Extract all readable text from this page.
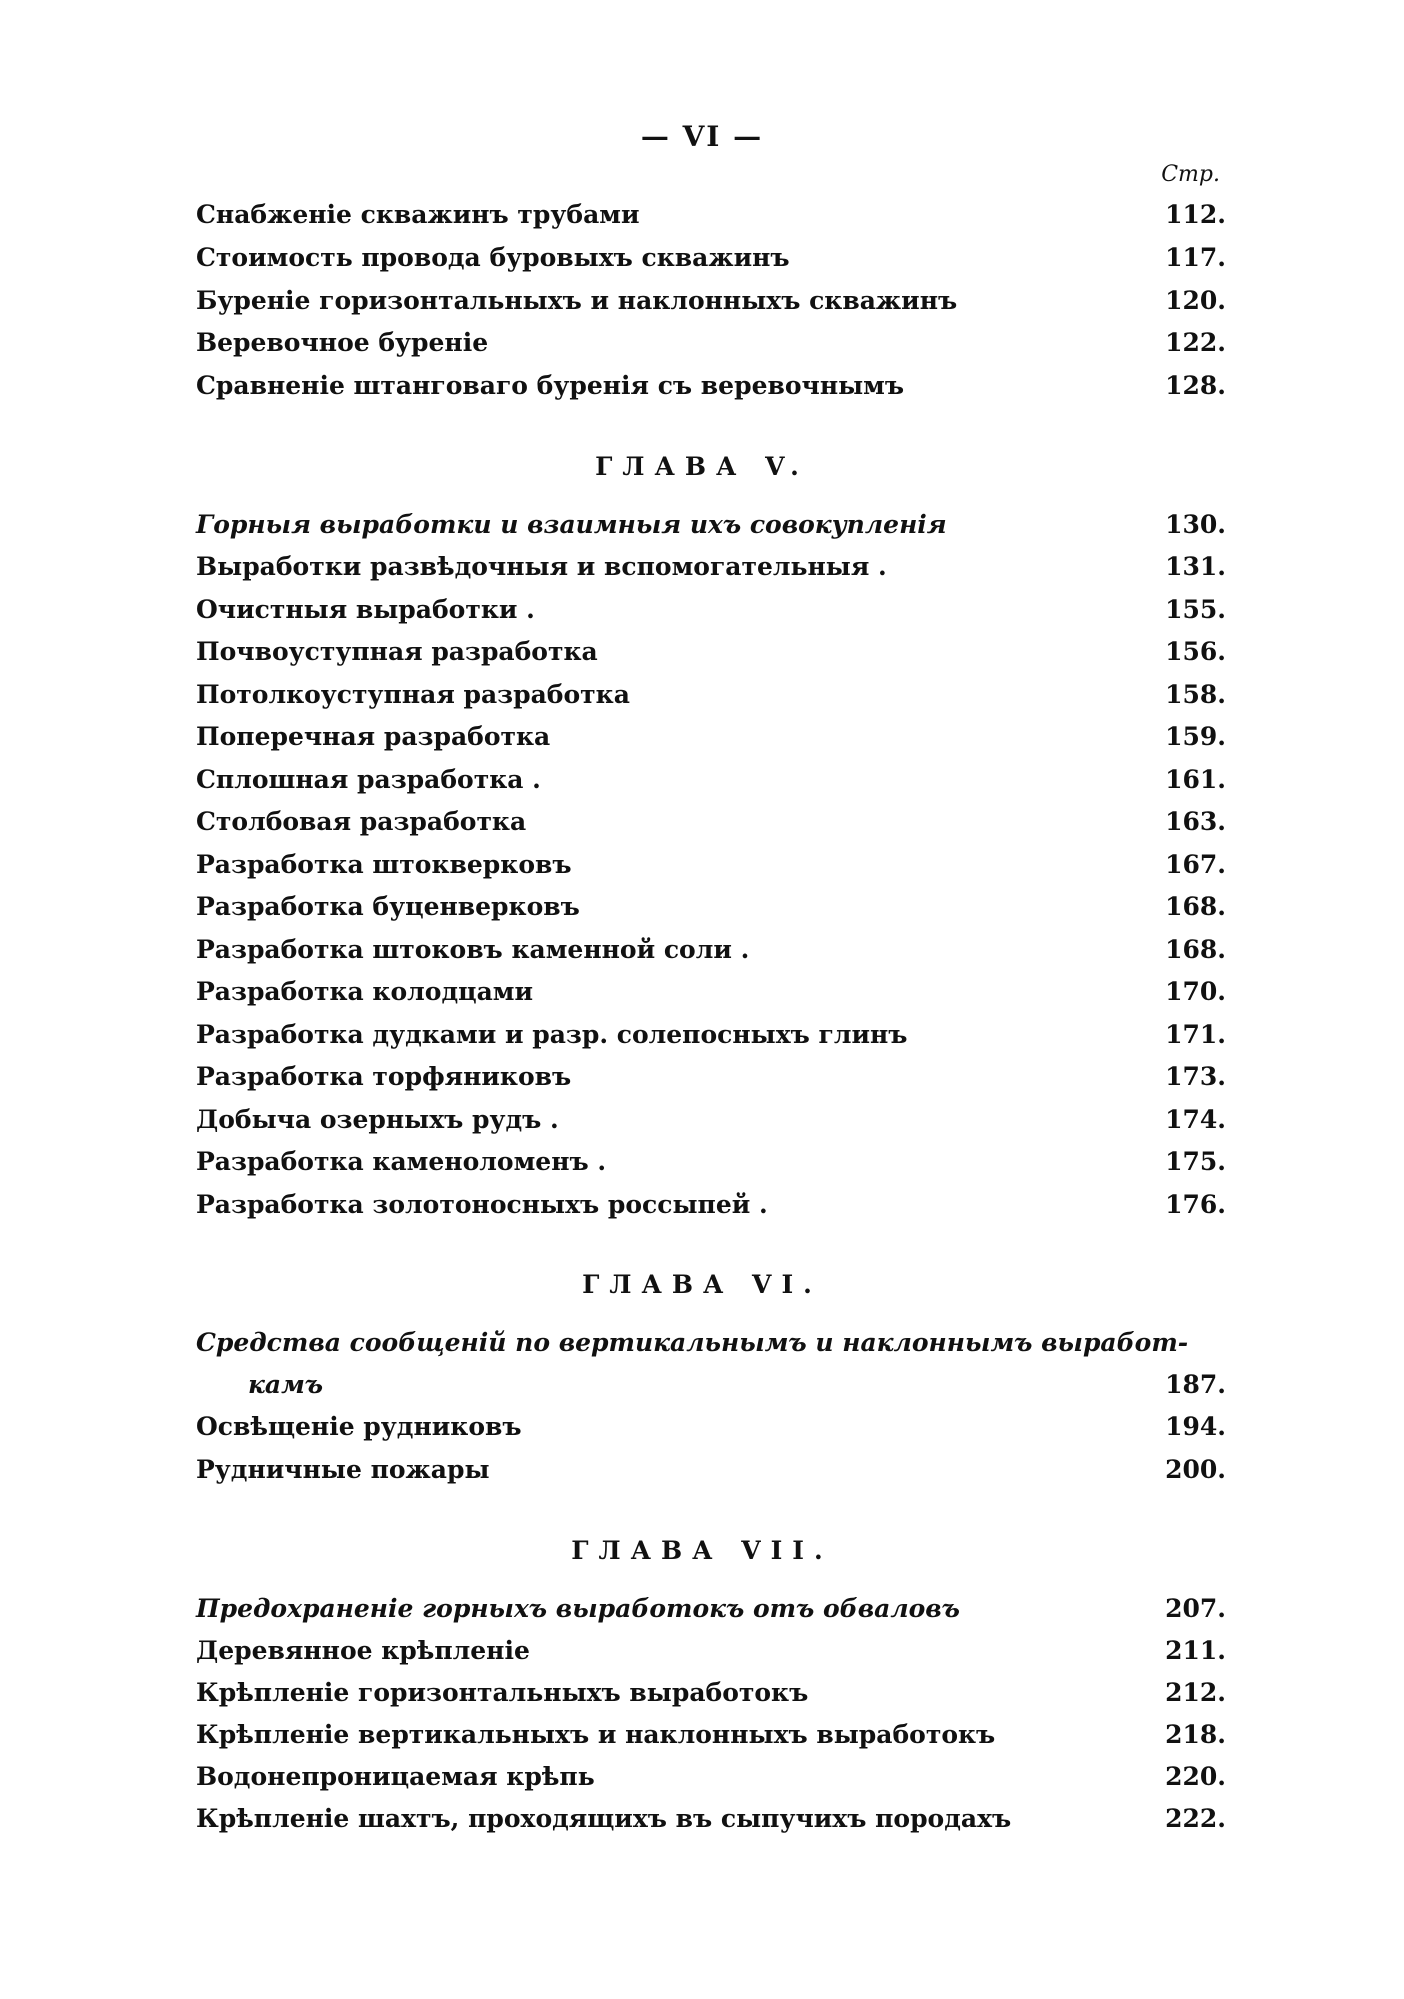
— VI —
Стр.
Снабженіе скважинъ трубами	112.
Стоимость провода буровыхъ скважинъ	117.
Буреніе горизонтальныхъ и наклонныхъ скважинъ	120.
Веревочное буреніе	122.
Сравненіе штанговаго буренія съ веревочнымъ	128.
ГЛАВА V.
Горныя выработки и взаимныя ихъ совокупленія	130.
Выработки развѣдочныя и вспомогательныя .	131.
Очистныя выработки .	155.
Почвоуступная разработка	156.
Потолкоуступная разработка	158.
Поперечная разработка	159.
Сплошная разработка .	161.
Столбовая разработка	163.
Разработка штокверковъ	167.
Разработка буценверковъ	168.
Разработка штоковъ каменной соли .	168.
Разработка колодцами	170.
Разработка дудками и разр. солепосныхъ глинъ	171.
Разработка торфяниковъ	173.
Добыча озерныхъ рудъ .	174.
Разработка каменоломенъ .	175.
Разработка золотоносныхъ россыпей .	176.
ГЛАВА VI.
Средства сообщеній по вертикальнымъ и наклоннымъ выработ-
камъ	187.
Освѣщеніе рудниковъ	194.
Рудничные пожары	200.
ГЛАВА VII.
Предохраненіе горныхъ выработокъ отъ обваловъ	207.
Деревянное крѣпленіе	211.
Крѣпленіе горизонтальныхъ выработокъ	212.
Крѣпленіе вертикальныхъ и наклонныхъ выработокъ	218.
Водонепроницаемая крѣпь	220.
Крѣпленіе шахтъ, проходящихъ въ сыпучихъ породахъ	222.
